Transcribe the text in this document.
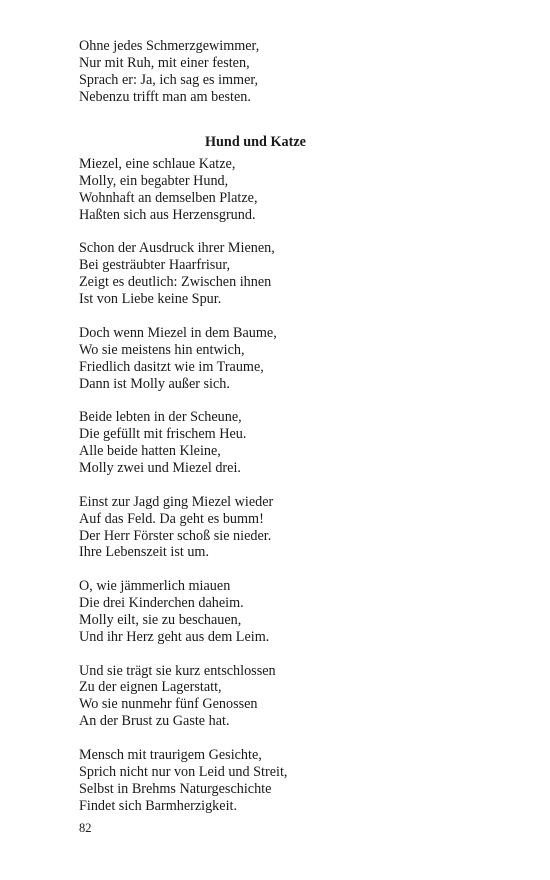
Ohne jedes Schmerzgewimmer,
Nur mit Ruh, mit einer festen,
Sprach er: Ja, ich sag es immer,
Nebenzu trifft man am besten.
Hund und Katze
Miezel, eine schlaue Katze,
Molly, ein begabter Hund,
Wohnhaft an demselben Platze,
Haßten sich aus Herzensgrund.
Schon der Ausdruck ihrer Mienen,
Bei gesträubter Haarfrisur,
Zeigt es deutlich: Zwischen ihnen
Ist von Liebe keine Spur.
Doch wenn Miezel in dem Baume,
Wo sie meistens hin entwich,
Friedlich dasitzt wie im Traume,
Dann ist Molly außer sich.
Beide lebten in der Scheune,
Die gefüllt mit frischem Heu.
Alle beide hatten Kleine,
Molly zwei und Miezel drei.
Einst zur Jagd ging Miezel wieder
Auf das Feld. Da geht es bumm!
Der Herr Förster schoß sie nieder.
Ihre Lebenszeit ist um.
O, wie jämmerlich miauen
Die drei Kinderchen daheim.
Molly eilt, sie zu beschauen,
Und ihr Herz geht aus dem Leim.
Und sie trägt sie kurz entschlossen
Zu der eignen Lagerstatt,
Wo sie nunmehr fünf Genossen
An der Brust zu Gaste hat.
Mensch mit traurigem Gesichte,
Sprich nicht nur von Leid und Streit,
Selbst in Brehms Naturgeschichte
Findet sich Barmherzigkeit.
82
